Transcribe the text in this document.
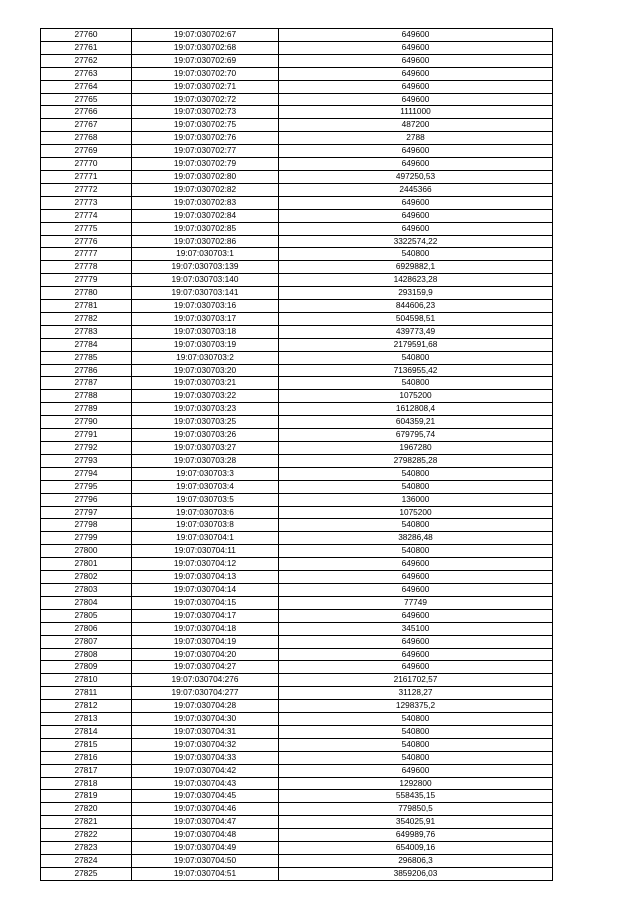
27760	19:07:030702:67	649600
27761	19:07:030702:68	649600
27762	19:07:030702:69	649600
27763	19:07:030702:70	649600
27764	19:07:030702:71	649600
27765	19:07:030702:72	649600
27766	19:07:030702:73	1111000
27767	19:07:030702:75	487200
27768	19:07:030702:76	2788
27769	19:07:030702:77	649600
27770	19:07:030702:79	649600
27771	19:07:030702:80	497250,53
27772	19:07:030702:82	2445366
27773	19:07:030702:83	649600
27774	19:07:030702:84	649600
27775	19:07:030702:85	649600
27776	19:07:030702:86	3322574,22
27777	19:07:030703:1	540800
27778	19:07:030703:139	6929882,1
27779	19:07:030703:140	1428623,28
27780	19:07:030703:141	293159,9
27781	19:07:030703:16	844606,23
27782	19:07:030703:17	504598,51
27783	19:07:030703:18	439773,49
27784	19:07:030703:19	2179591,68
27785	19:07:030703:2	540800
27786	19:07:030703:20	7136955,42
27787	19:07:030703:21	540800
27788	19:07:030703:22	1075200
27789	19:07:030703:23	1612808,4
27790	19:07:030703:25	604359,21
27791	19:07:030703:26	679795,74
27792	19:07:030703:27	1967280
27793	19:07:030703:28	2798285,28
27794	19:07:030703:3	540800
27795	19:07:030703:4	540800
27796	19:07:030703:5	136000
27797	19:07:030703:6	1075200
27798	19:07:030703:8	540800
27799	19:07:030704:1	38286,48
27800	19:07:030704:11	540800
27801	19:07:030704:12	649600
27802	19:07:030704:13	649600
27803	19:07:030704:14	649600
27804	19:07:030704:15	77749
27805	19:07:030704:17	649600
27806	19:07:030704:18	345100
27807	19:07:030704:19	649600
27808	19:07:030704:20	649600
27809	19:07:030704:27	649600
27810	19:07:030704:276	2161702,57
27811	19:07:030704:277	31128,27
27812	19:07:030704:28	1298375,2
27813	19:07:030704:30	540800
27814	19:07:030704:31	540800
27815	19:07:030704:32	540800
27816	19:07:030704:33	540800
27817	19:07:030704:42	649600
27818	19:07:030704:43	1292800
27819	19:07:030704:45	558435,15
27820	19:07:030704:46	779850,5
27821	19:07:030704:47	354025,91
27822	19:07:030704:48	649989,76
27823	19:07:030704:49	654009,16
27824	19:07:030704:50	296806,3
27825	19:07:030704:51	3859206,03
